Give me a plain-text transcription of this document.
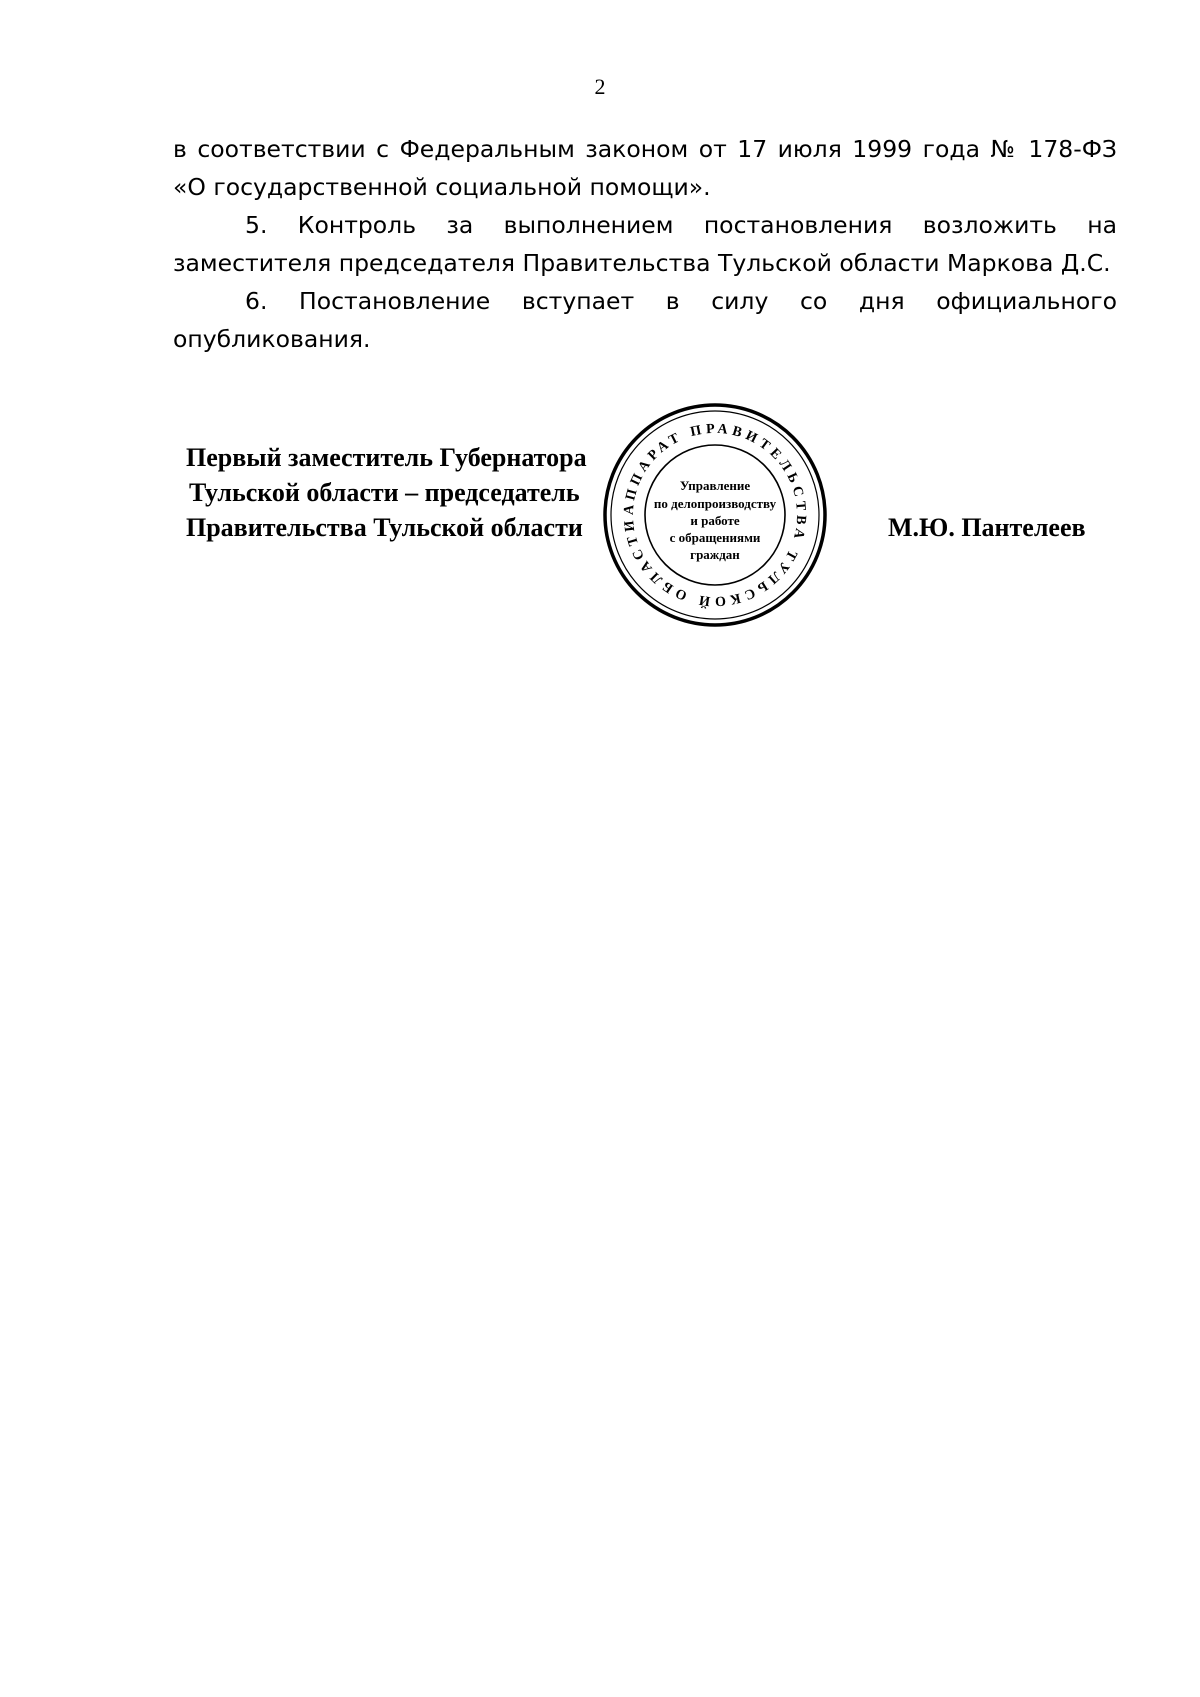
2

в соответствии с Федеральным законом от 17 июля 1999 года № 178-ФЗ «О государственной социальной помощи».

5. Контроль за выполнением постановления возложить на заместителя председателя Правительства Тульской области Маркова Д.С.

6. Постановление вступает в силу со дня официального опубликования.

Первый заместитель Губернатора
Тульской области – председатель
Правительства Тульской области	М.Ю. Пантелеев
АППАРАТ ПРАВИТЕЛЬСТВА ТУЛЬСКОЙ ОБЛАСТИ
Управление
по делопроизводству
и работе
с обращениями
граждан
